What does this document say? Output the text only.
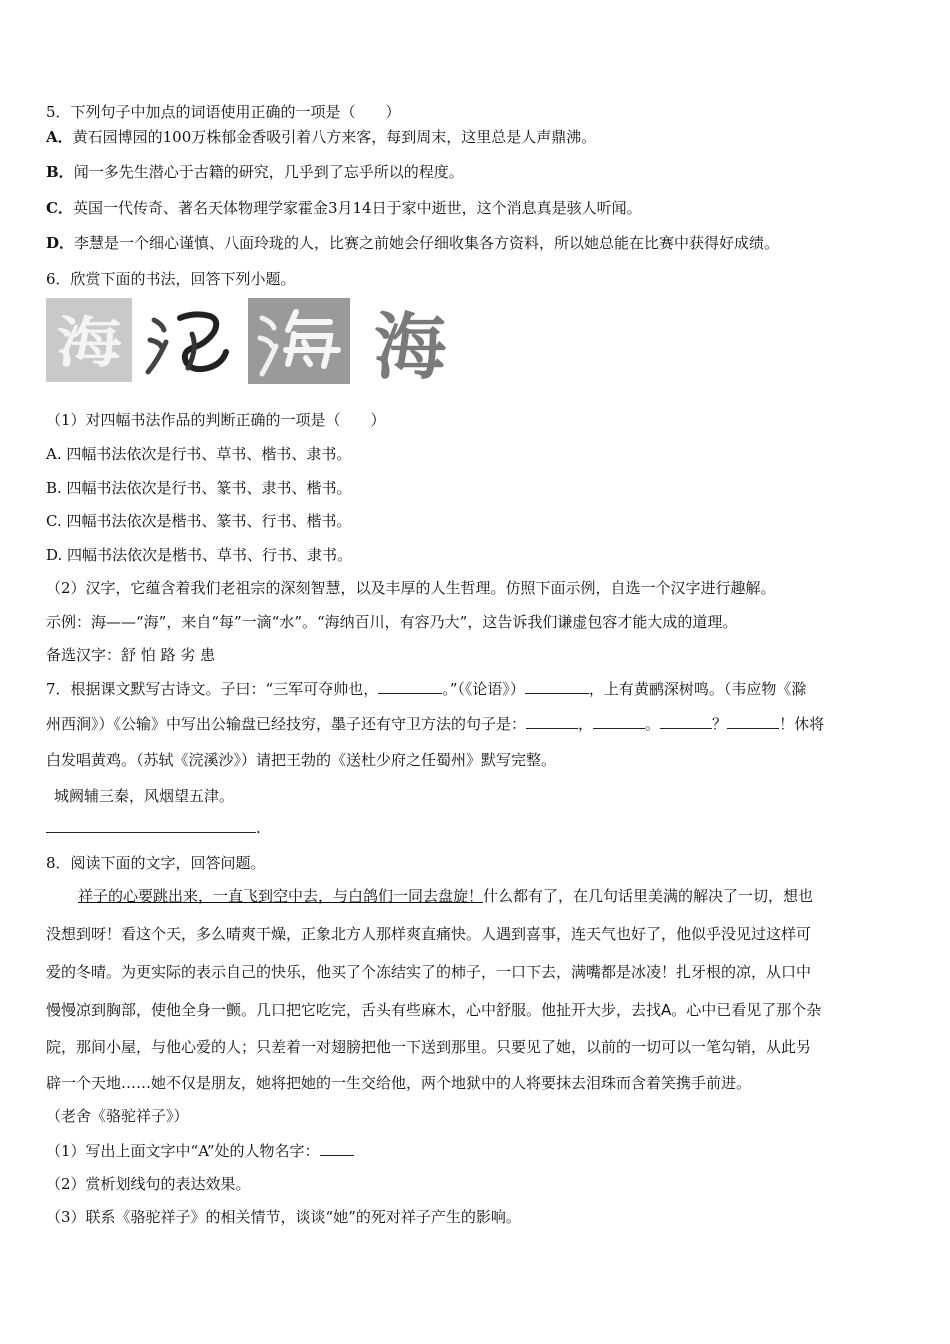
5．下列句子中加点的词语使用正确的一项是（　　）
A．黄石园博园的100万株郁金香吸引着八方来客，每到周末，这里总是人声鼎沸。
B．闻一多先生潜心于古籍的研究，几乎到了忘乎所以的程度。
C．英国一代传奇、著名天体物理学家霍金3月14日于家中逝世，这个消息真是骇人听闻。
D．李慧是一个细心谨慎、八面玲珑的人，比赛之前她会仔细收集各方资料，所以她总能在比赛中获得好成绩。
6．欣赏下面的书法，回答下列小题。
海	海
（1）对四幅书法作品的判断正确的一项是（　　）
A. 四幅书法依次是行书、草书、楷书、隶书。
B. 四幅书法依次是行书、篆书、隶书、楷书。
C. 四幅书法依次是楷书、篆书、行书、楷书。
D. 四幅书法依次是楷书、草书、行书、隶书。
（2）汉字，它蕴含着我们老祖宗的深刻智慧，以及丰厚的人生哲理。仿照下面示例，自选一个汉字进行趣解。
示例：海——“海”，来自“每”一滴“水”。“海纳百川，有容乃大”，这告诉我们谦虚包容才能大成的道理。
备选汉字：舒 怕 路 劣 患
7．根据课文默写古诗文。子曰：“三军可夺帅也，	。”（《论语》）	，上有黄鹂深树鸣。（韦应物《滁
州西涧》）《公输》中写出公输盘已经技穷，墨子还有守卫方法的句子是：	，	。	？	！休将
白发唱黄鸡。（苏轼《浣溪沙》）请把王勃的《送杜少府之任蜀州》默写完整。
城阙辅三秦，风烟望五津。
.
8．阅读下面的文字，回答问题。
祥子的心要跳出来，一直飞到空中去，与白鸽们一同去盘旋！什么都有了，在几句话里美满的解决了一切，想也
没想到呀！看这个天，多么晴爽干燥，正象北方人那样爽直痛快。人遇到喜事，连天气也好了，他似乎没见过这样可
爱的冬晴。为更实际的表示自己的快乐，他买了个冻结实了的柿子，一口下去，满嘴都是冰凌！扎牙根的凉，从口中
慢慢凉到胸部，使他全身一颤。几口把它吃完，舌头有些麻木，心中舒服。他扯开大步，去找A。心中已看见了那个杂
院，那间小屋，与他心爱的人；只差着一对翅膀把他一下送到那里。只要见了她，以前的一切可以一笔勾销，从此另
辟一个天地……她不仅是朋友，她将把她的一生交给他，两个地狱中的人将要抹去泪珠而含着笑携手前进。
（老舍《骆驼祥子》）
（1）写出上面文字中“A”处的人物名字：
（2）赏析划线句的表达效果。
（3）联系《骆驼祥子》的相关情节，谈谈“她”的死对祥子产生的影响。
